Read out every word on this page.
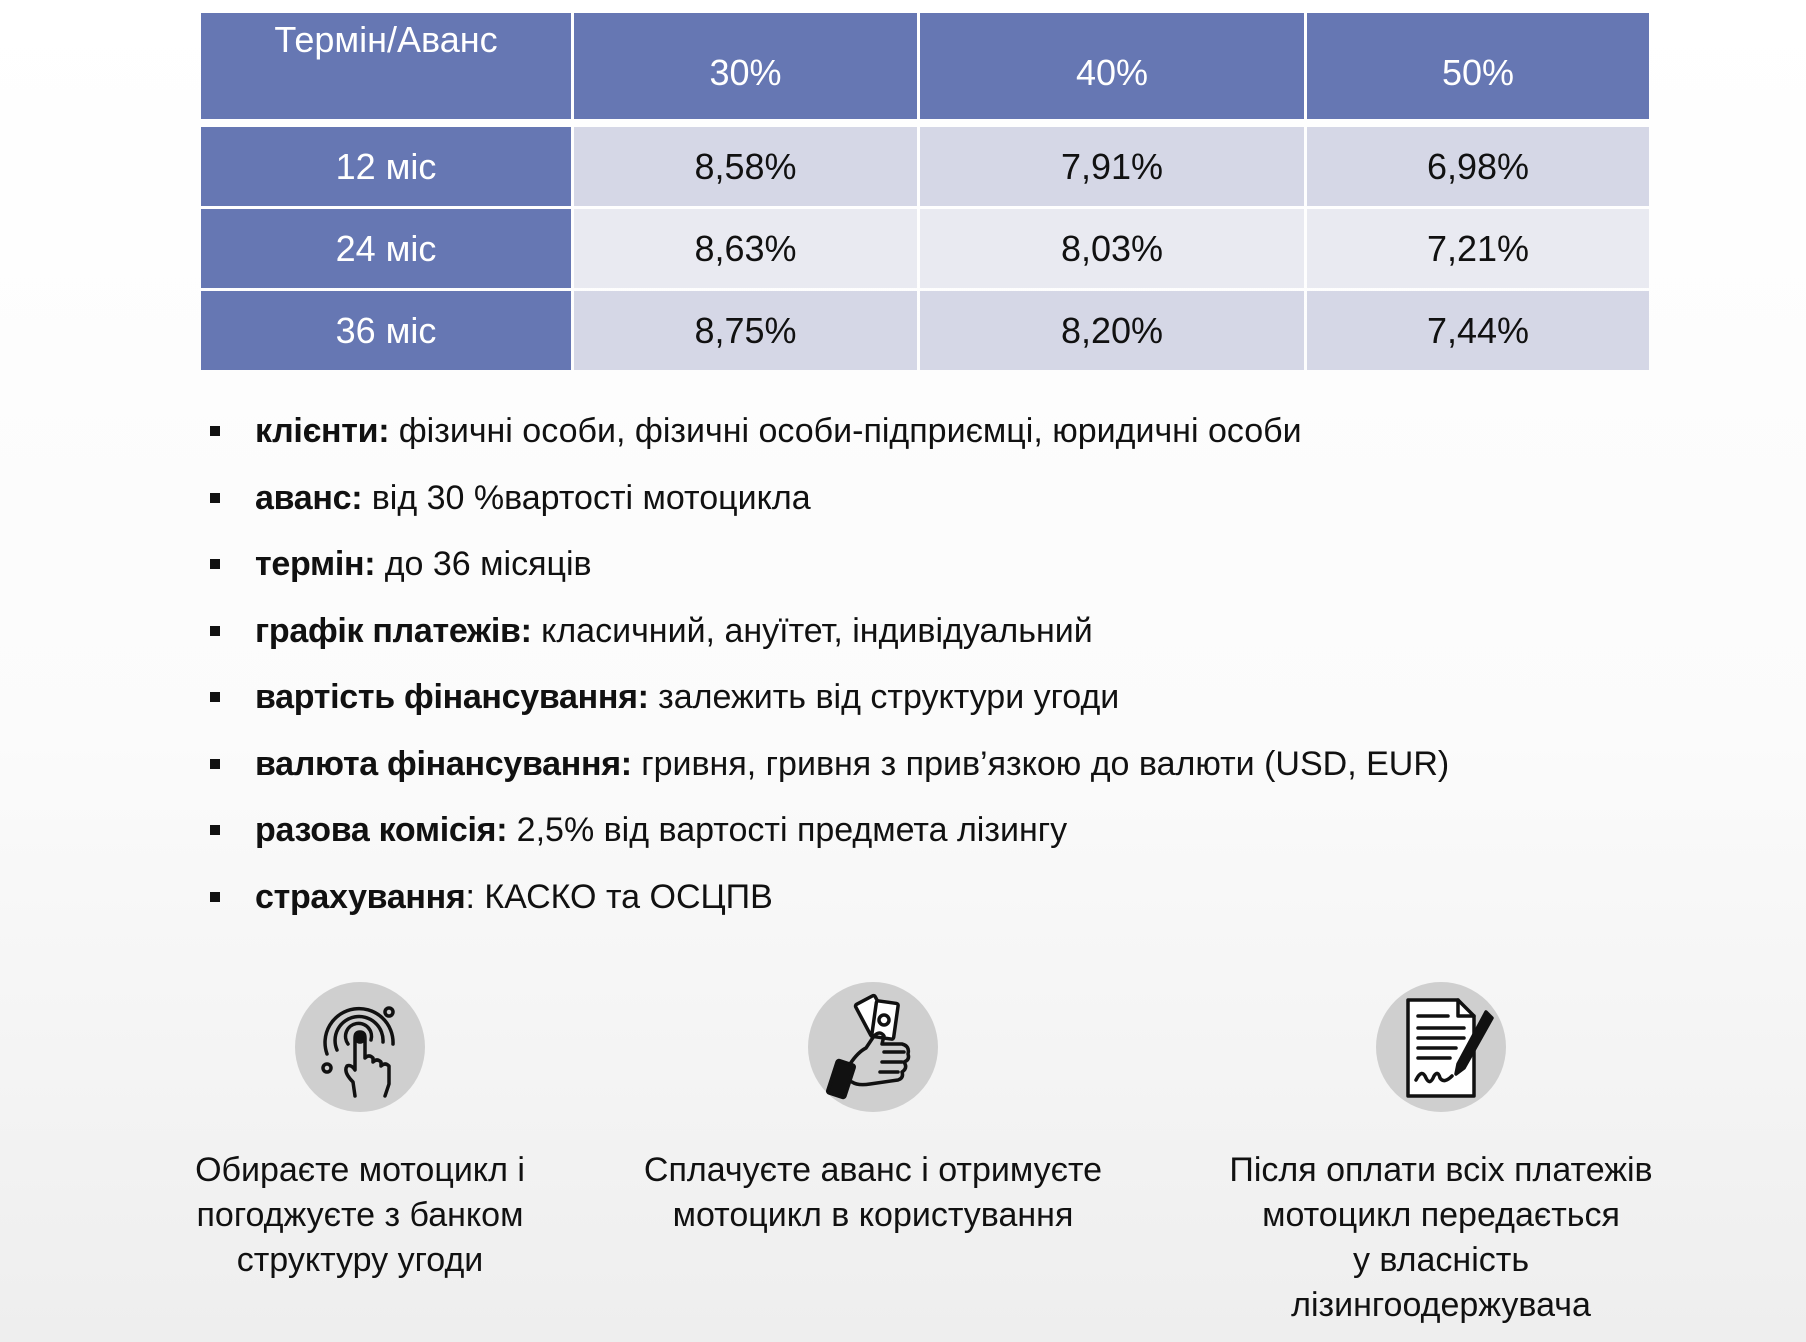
Термін/Аванс	30%	40%	50%

12 міс	8,58%	7,91%	6,98%
24 міс	8,63%	8,03%	7,21%
36 міс	8,75%	8,20%	7,44%
клієнти: фізичні особи, фізичні особи-підприємці, юридичні особи
аванс: від 30 %вартості мотоцикла
термін: до 36 місяців
графік платежів: класичний, ануїтет, індивідуальний
вартість фінансування: залежить від структури угоди
валюта фінансування: гривня, гривня з прив’язкою до валюти (USD, EUR)
разова комісія: 2,5% від вартості предмета лізингу
страхування: КАСКО та ОСЦПВ
Обираєте мотоцикл і
погоджуєте з банком
структуру угоди
Сплачуєте аванс і отримуєте
мотоцикл в користування
Після оплати всіх платежів
мотоцикл передається
у власність
лізингоодержувача
